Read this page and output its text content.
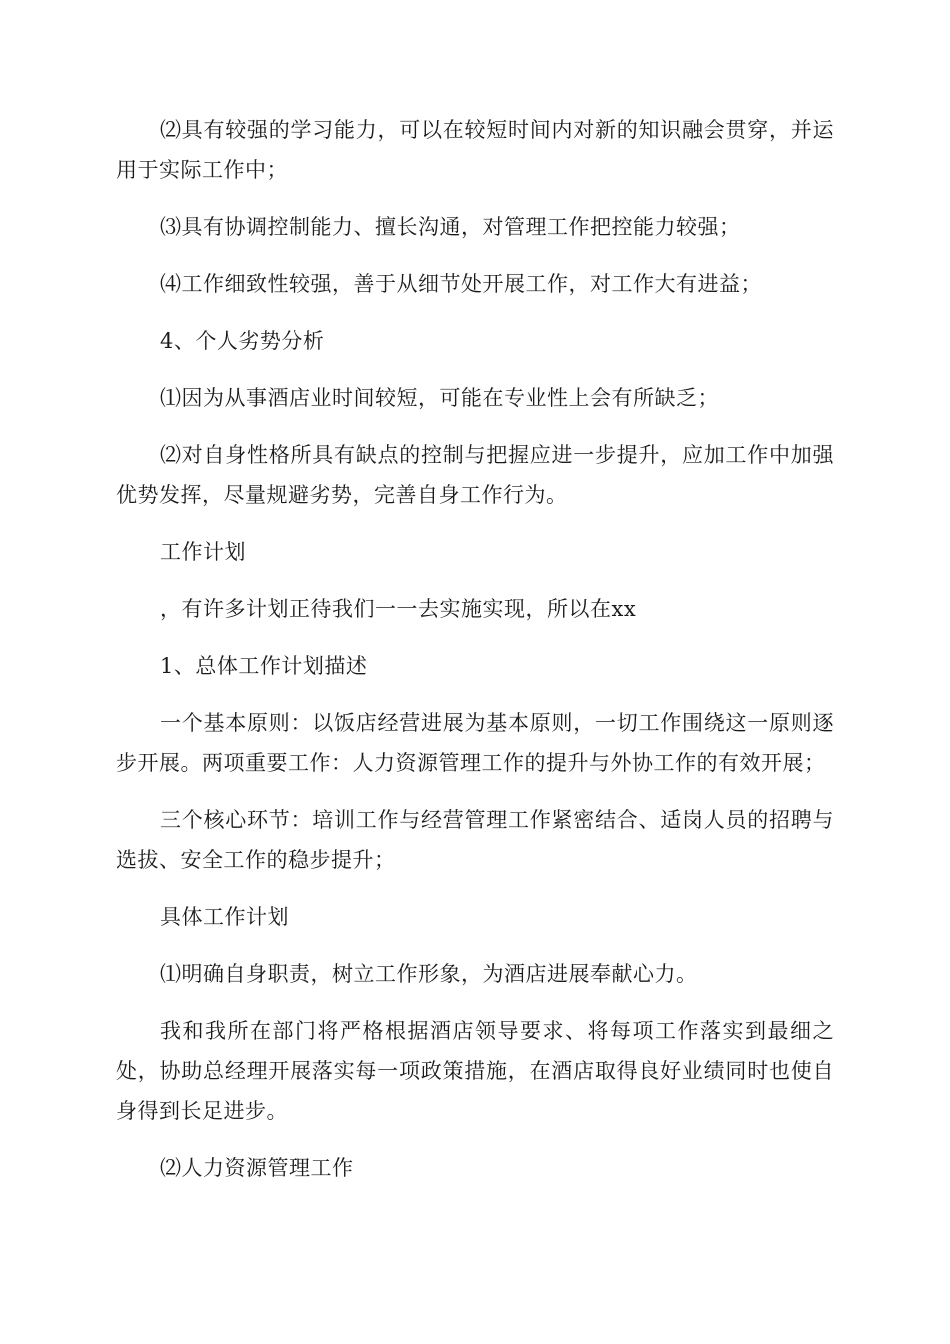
⑵具有较强的学习能力，可以在较短时间内对新的知识融会贯穿，并运用于实际工作中；

⑶具有协调控制能力、擅长沟通，对管理工作把控能力较强；

⑷工作细致性较强，善于从细节处开展工作，对工作大有进益；

4、个人劣势分析

⑴因为从事酒店业时间较短，可能在专业性上会有所缺乏；

⑵对自身性格所具有缺点的控制与把握应进一步提升，应加工作中加强优势发挥，尽量规避劣势，完善自身工作行为。

工作计划

，有许多计划正待我们一一去实施实现，所以在xx

1、总体工作计划描述

一个基本原则：以饭店经营进展为基本原则，一切工作围绕这一原则逐步开展。两项重要工作：人力资源管理工作的提升与外协工作的有效开展；

三个核心环节：培训工作与经营管理工作紧密结合、适岗人员的招聘与选拔、安全工作的稳步提升；

具体工作计划

⑴明确自身职责，树立工作形象，为酒店进展奉献心力。

我和我所在部门将严格根据酒店领导要求、将每项工作落实到最细之处，协助总经理开展落实每一项政策措施，在酒店取得良好业绩同时也使自身得到长足进步。

⑵人力资源管理工作
